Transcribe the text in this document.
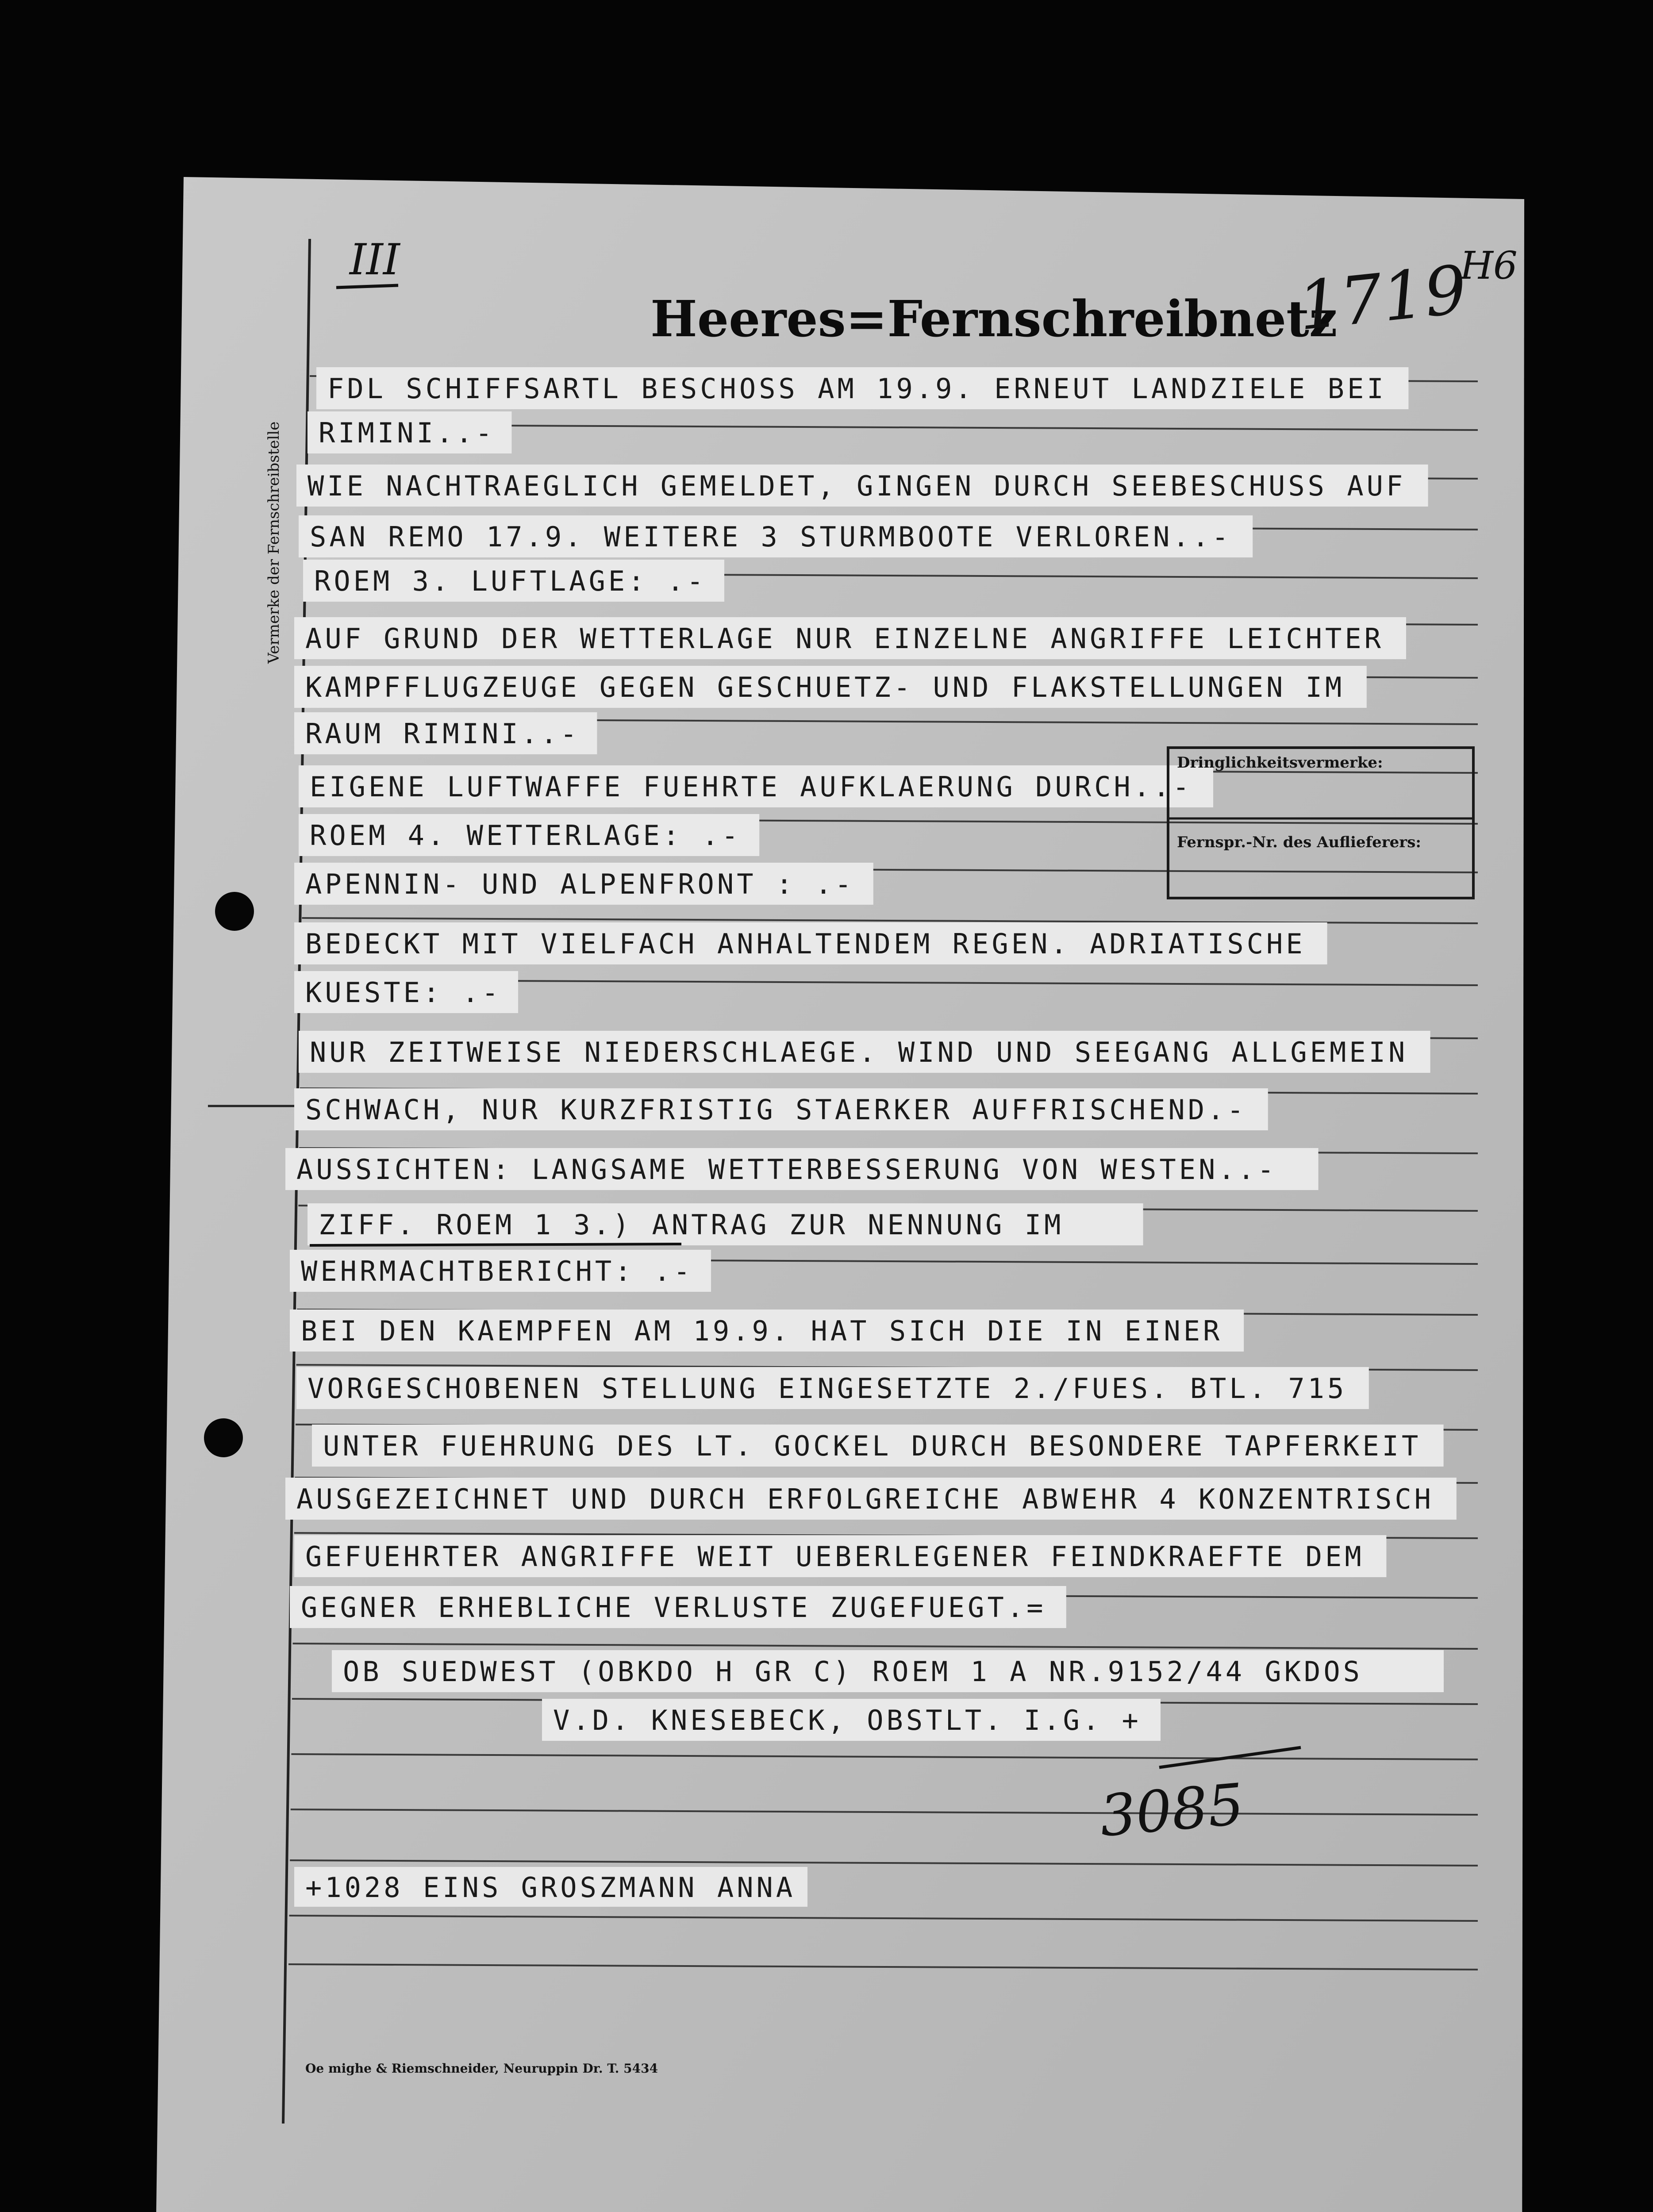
Heeres=Fernschreibnetz
III	1719
H6
Vermerke der Fernschreibstelle
Dringlichkeitsvermerke:
Fernspr.-Nr. des Auflieferers:
FDL SCHIFFSARTL BESCHOSS AM 19.9. ERNEUT LANDZIELE BEI
RIMINI..-
WIE NACHTRAEGLICH GEMELDET, GINGEN DURCH SEEBESCHUSS AUF
SAN REMO 17.9. WEITERE 3 STURMBOOTE VERLOREN..-
ROEM 3. LUFTLAGE: .-
AUF GRUND DER WETTERLAGE NUR EINZELNE ANGRIFFE LEICHTER
KAMPFFLUGZEUGE GEGEN GESCHUETZ- UND FLAKSTELLUNGEN IM
RAUM RIMINI..-
EIGENE LUFTWAFFE FUEHRTE AUFKLAERUNG DURCH..-
ROEM 4. WETTERLAGE: .-
APENNIN- UND ALPENFRONT : .-
BEDECKT MIT VIELFACH ANHALTENDEM REGEN. ADRIATISCHE
KUESTE: .-
NUR ZEITWEISE NIEDERSCHLAEGE. WIND UND SEEGANG ALLGEMEIN
SCHWACH, NUR KURZFRISTIG STAERKER AUFFRISCHEND.-
AUSSICHTEN: LANGSAME WETTERBESSERUNG VON WESTEN..-
ZIFF. ROEM 1 3.) ANTRAG ZUR NENNUNG IM
WEHRMACHTBERICHT: .-
BEI DEN KAEMPFEN AM 19.9. HAT SICH DIE IN EINER
VORGESCHOBENEN STELLUNG EINGESETZTE 2./FUES. BTL. 715
UNTER FUEHRUNG DES LT. GOCKEL DURCH BESONDERE TAPFERKEIT
AUSGEZEICHNET UND DURCH ERFOLGREICHE ABWEHR 4 KONZENTRISCH
GEFUEHRTER ANGRIFFE WEIT UEBERLEGENER FEINDKRAEFTE DEM
GEGNER ERHEBLICHE VERLUSTE ZUGEFUEGT.=
OB SUEDWEST (OBKDO H GR C) ROEM 1 A NR.9152/44 GKDOS
V.D. KNESEBECK, OBSTLT. I.G. +
3085
+1028 EINS GROSZMANN ANNA
Oe mighe & Riemschneider, Neuruppin Dr. T. 5434
